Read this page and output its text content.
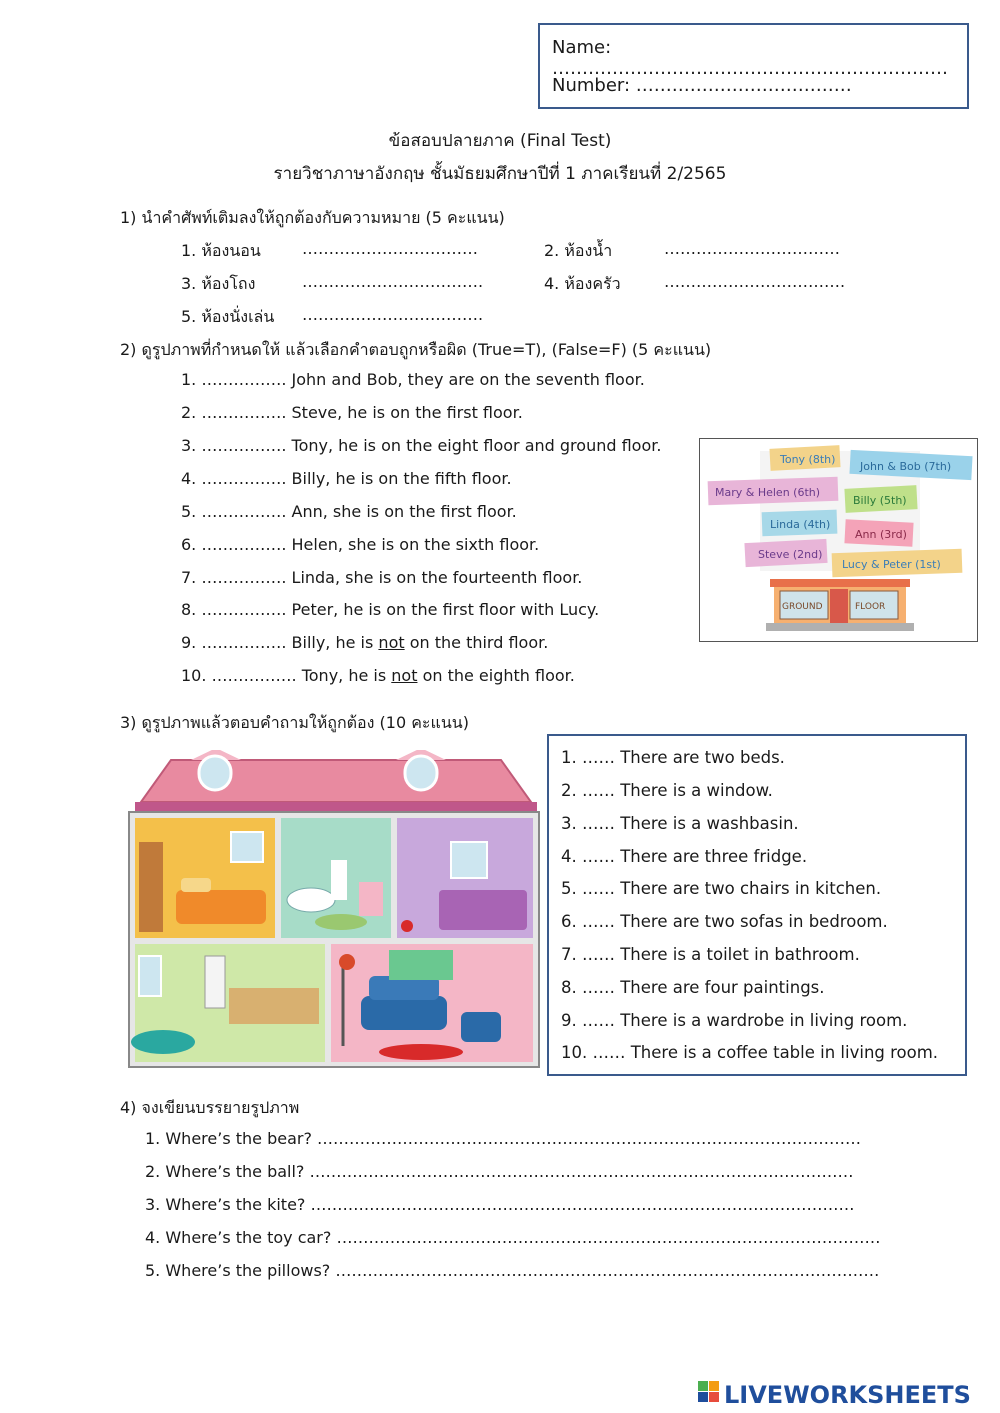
Name: …………………………………………………………
Number: ………………………………
ข้อสอบปลายภาค (Final Test)
รายวิชาภาษาอังกฤษ ชั้นมัธยมศึกษาปีที่ 1 ภาคเรียนที่ 2/2565
1) นำคำศัพท์เติมลงให้ถูกต้องกับความหมาย (5 คะแนน)
1. ห้องนอน	……………………………	2. ห้องน้ำ	……………………………
3. ห้องโถง	…………………………….	4. ห้องครัว	…………………………….
5. ห้องนั่งเล่น …………………………….
2) ดูรูปภาพที่กำหนดให้ แล้วเลือกคำตอบถูกหรือผิด (True=T), (False=F) (5 คะแนน)
1. ……………. John and Bob, they are on the seventh floor.
2. ……………. Steve, he is on the first floor.
3. ……………. Tony, he is on the eight floor and ground floor.
4. ……………. Billy, he is on the fifth floor.
5. ……………. Ann, she is on the first floor.
6. ……………. Helen, she is on the sixth floor.
7. ……………. Linda, she is on the fourteenth floor.
8. ……………. Peter, he is on the first floor with Lucy.
9. ……………. Billy, he is not on the third floor.
10. ……………. Tony, he is not on the eighth floor.
Tony (8th)
John & Bob (7th)
Mary & Helen (6th)
Billy (5th)
Linda (4th)
Ann (3rd)
Steve (2nd)
Lucy & Peter (1st)
GROUND	FLOOR
3) ดูรูปภาพแล้วตอบคำถามให้ถูกต้อง (10 คะแนน)
1. …… There are two beds.
2. …… There is a window.
3. …… There is a washbasin.
4. …… There are three fridge.
5. …… There are two chairs in kitchen.
6. …… There are two sofas in bedroom.
7. …… There is a toilet in bathroom.
8. …… There are four paintings.
9. …… There is a wardrobe in living room.
10. …… There is a coffee table in living room.
4) จงเขียนบรรยายรูปภาพ
1. Where’s the bear? …………………………………………………………………………………………
2. Where’s the ball? …………………………………………………………………………………………
3. Where’s the kite? …………………………………………………………………………………………
4. Where’s the toy car? …………………………………………………………………………………………
5. Where’s the pillows? …………………………………………………………………………………………
LIVEWORKSHEETS
